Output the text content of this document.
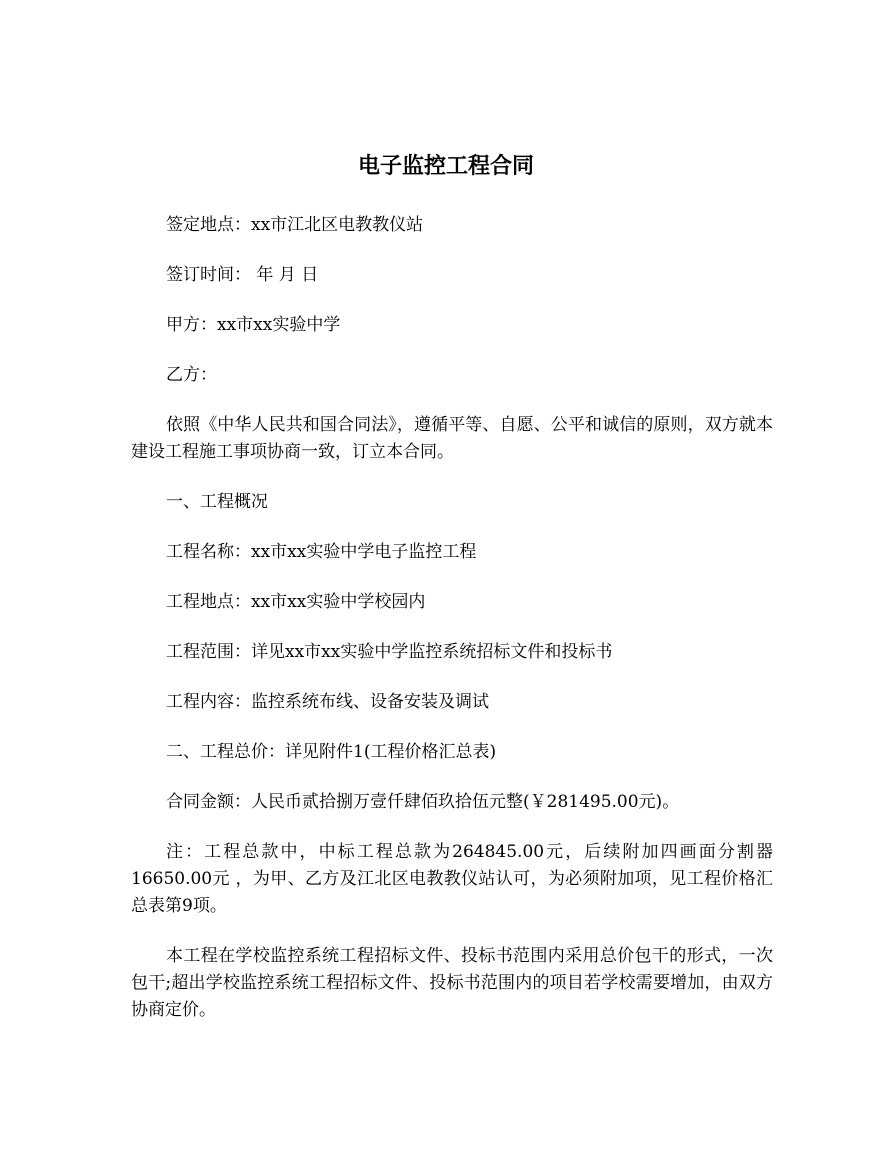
电子监控工程合同

签定地点：xx市江北区电教教仪站

签订时间： 年 月 日

甲方：xx市xx实验中学

乙方：

依照《中华人民共和国合同法》，遵循平等、自愿、公平和诚信的原则，双方就本建设工程施工事项协商一致，订立本合同。

一、工程概况

工程名称：xx市xx实验中学电子监控工程

工程地点：xx市xx实验中学校园内

工程范围：详见xx市xx实验中学监控系统招标文件和投标书

工程内容：监控系统布线、设备安装及调试

二、工程总价：详见附件1(工程价格汇总表)

合同金额：人民币贰拾捌万壹仟肆佰玖拾伍元整(￥281495.00元)。

注：工程总款中，中标工程总款为264845.00元，后续附加四画面分割器16650.00元 ，为甲、乙方及江北区电教教仪站认可，为必须附加项，见工程价格汇总表第9项。

本工程在学校监控系统工程招标文件、投标书范围内采用总价包干的形式，一次包干;超出学校监控系统工程招标文件、投标书范围内的项目若学校需要增加，由双方协商定价。
